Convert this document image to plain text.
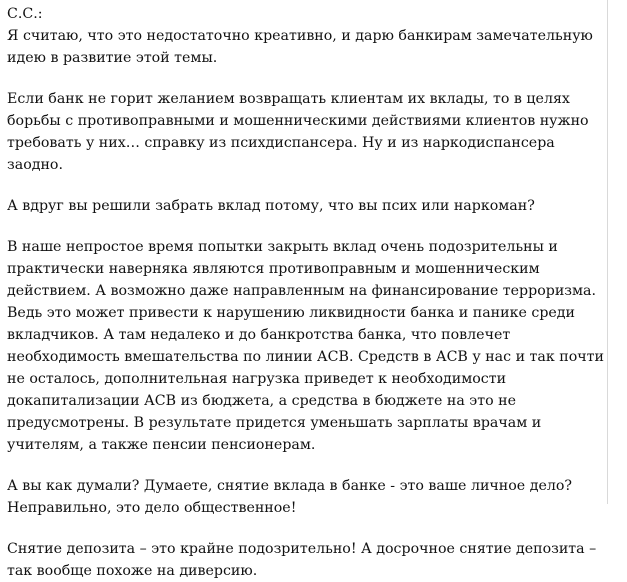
С.С.:

Я считаю, что это недостаточно креативно, и дарю банкирам замечательную идею в развитие этой темы.

Если банк не горит желанием возвращать клиентам их вклады, то в целях борьбы с противоправными и мошенническими действиями клиентов нужно требовать у них… справку из психдиспансера. Ну и из наркодиспансера заодно.

А вдруг вы решили забрать вклад потому, что вы псих или наркоман?

В наше непростое время попытки закрыть вклад очень подозрительны и практически наверняка являются противоправным и мошенническим действием. А возможно даже направленным на финансирование терроризма. Ведь это может привести к нарушению ликвидности банка и панике среди вкладчиков. А там недалеко и до банкротства банка, что повлечет необходимость вмешательства по линии АСВ. Средств в АСВ у нас и так почти не осталось, дополнительная нагрузка приведет к необходимости докапитализации АСВ из бюджета, а средства в бюджете на это не предусмотрены. В результате придется уменьшать зарплаты врачам и учителям, а также пенсии пенсионерам.

А вы как думали? Думаете, снятие вклада в банке - это ваше личное дело? Неправильно, это дело общественное!

Снятие депозита – это крайне подозрительно! А досрочное снятие депозита – так вообще похоже на диверсию.
